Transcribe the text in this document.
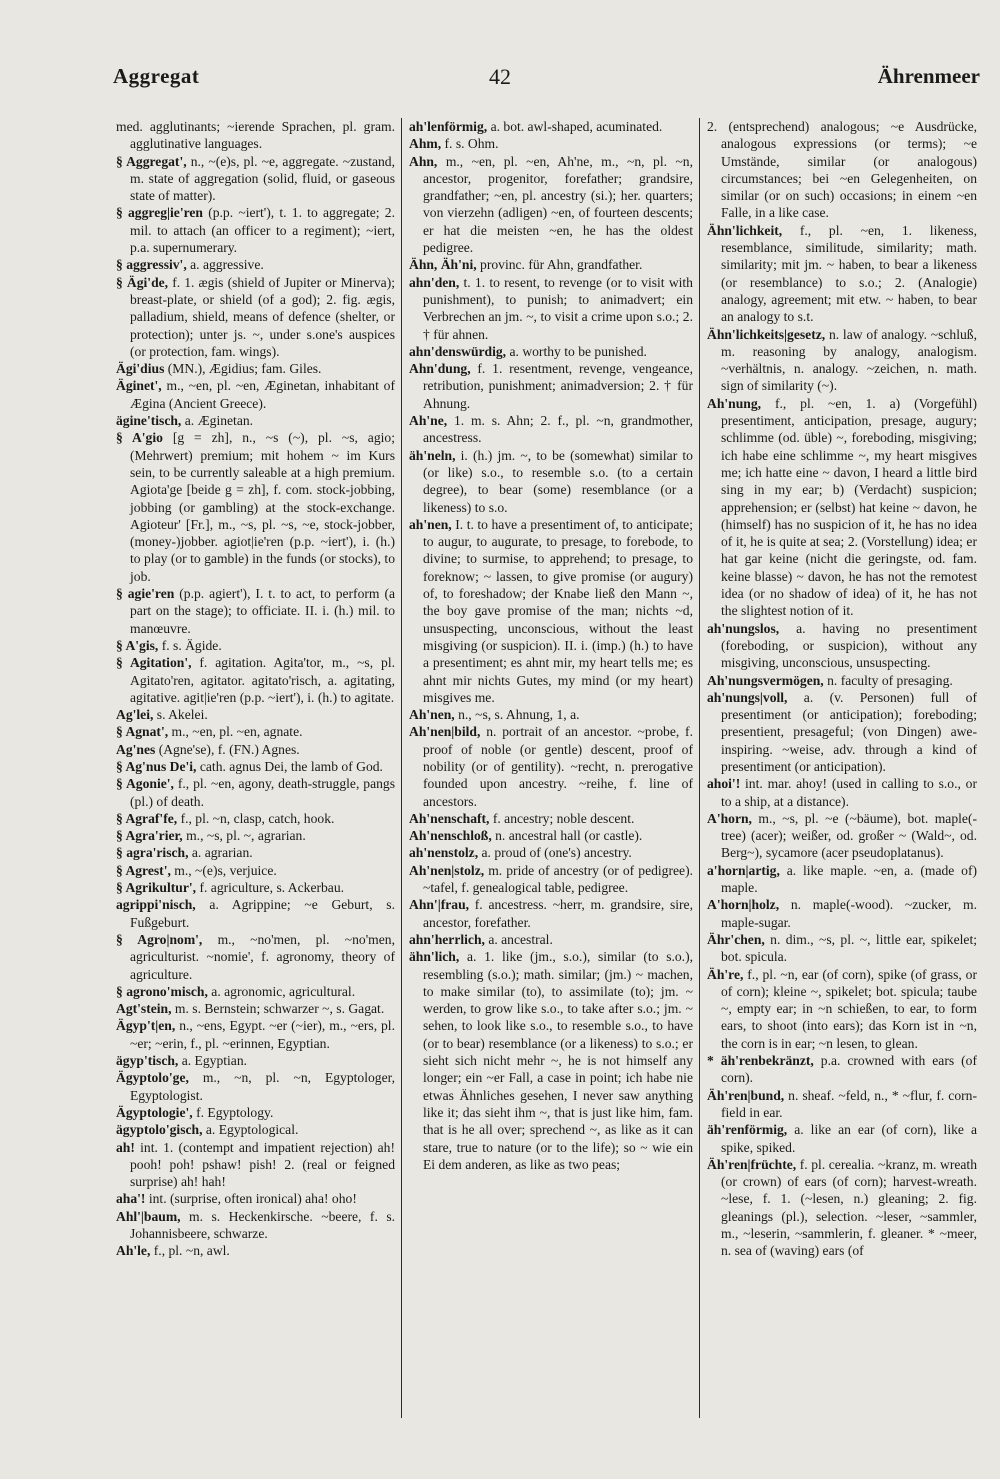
42
Aggregat	Ährenmeer

med. agglutinants; ~ierende Sprachen, pl. gram. agglutinative languages.

§ Aggregat', n., ~(e)s, pl. ~e, aggregate. ~zustand, m. state of aggregation (solid, fluid, or gaseous state of matter).

§ aggreg|ie'ren (p.p. ~iert'), t. 1. to aggregate; 2. mil. to attach (an officer to a regiment); ~iert, p.a. supernumerary.

§ aggressiv', a. aggressive.

§ Ägi'de, f. 1. ægis (shield of Jupiter or Minerva); breast-plate, or shield (of a god); 2. fig. ægis, palladium, shield, means of defence (shelter, or protection); unter js. ~, under s.one's auspices (or protection, fam. wings).

Ägi'dius (MN.), Ægidius; fam. Giles.

Äginet', m., ~en, pl. ~en, Æginetan, inhabitant of Ægina (Ancient Greece).

ägine'tisch, a. Æginetan.

§ A'gio [g = zh], n., ~s (~), pl. ~s, agio; (Mehrwert) premium; mit hohem ~ im Kurs sein, to be currently saleable at a high premium. Agiota'ge [beide g = zh], f. com. stock-jobbing, jobbing (or gambling) at the stock-exchange. Agioteur' [Fr.], m., ~s, pl. ~s, ~e, stock-jobber, (money-)jobber. agiot|ie'ren (p.p. ~iert'), i. (h.) to play (or to gamble) in the funds (or stocks), to job.

§ agie'ren (p.p. agiert'), I. t. to act, to perform (a part on the stage); to officiate. II. i. (h.) mil. to manœuvre.

§ A'gis, f. s. Ägide.

§ Agitation', f. agitation. Agita'tor, m., ~s, pl. Agitato'ren, agitator. agitato'risch, a. agitating, agitative. agit|ie'ren (p.p. ~iert'), i. (h.) to agitate.

Ag'lei, s. Akelei.

§ Agnat', m., ~en, pl. ~en, agnate.

Ag'nes (Agne'se), f. (FN.) Agnes.

§ Ag'nus De'i, cath. agnus Dei, the lamb of God.

§ Agonie', f., pl. ~en, agony, death-struggle, pangs (pl.) of death.

§ Agraf'fe, f., pl. ~n, clasp, catch, hook.

§ Agra'rier, m., ~s, pl. ~, agrarian.

§ agra'risch, a. agrarian.

§ Agrest', m., ~(e)s, verjuice.

§ Agrikultur', f. agriculture, s. Ackerbau.

agrippi'nisch, a. Agrippine; ~e Geburt, s. Fußgeburt.

§ Agro|nom', m., ~no'men, pl. ~no'men, agriculturist. ~nomie', f. agronomy, theory of agriculture.

§ agrono'misch, a. agronomic, agricultural.

Agt'stein, m. s. Bernstein; schwarzer ~, s. Gagat.

Ägyp't|en, n., ~ens, Egypt. ~er (~ier), m., ~ers, pl. ~er; ~erin, f., pl. ~erinnen, Egyptian.

ägyp'tisch, a. Egyptian.

Ägyptolo'ge, m., ~n, pl. ~n, Egyptologer, Egyptologist.

Ägyptologie', f. Egyptology.

ägyptolo'gisch, a. Egyptological.

ah! int. 1. (contempt and impatient rejection) ah! pooh! poh! pshaw! pish! 2. (real or feigned surprise) ah! hah!

aha'! int. (surprise, often ironical) aha! oho!

Ahl'|baum, m. s. Heckenkirsche. ~beere, f. s. Johannisbeere, schwarze.

Ah'le, f., pl. ~n, awl.

ah'lenförmig, a. bot. awl-shaped, acuminated.

Ahm, f. s. Ohm.

Ahn, m., ~en, pl. ~en, Ah'ne, m., ~n, pl. ~n, ancestor, progenitor, forefather; grandsire, grandfather; ~en, pl. ancestry (si.); her. quarters; von vierzehn (adligen) ~en, of fourteen descents; er hat die meisten ~en, he has the oldest pedigree.

Ähn, Äh'ni, provinc. für Ahn, grandfather.

ahn'den, t. 1. to resent, to revenge (or to visit with punishment), to punish; to animadvert; ein Verbrechen an jm. ~, to visit a crime upon s.o.; 2. † für ahnen.

ahn'denswürdig, a. worthy to be punished.

Ahn'dung, f. 1. resentment, revenge, vengeance, retribution, punishment; animadversion; 2. † für Ahnung.

Ah'ne, 1. m. s. Ahn; 2. f., pl. ~n, grandmother, ancestress.

äh'neln, i. (h.) jm. ~, to be (somewhat) similar to (or like) s.o., to resemble s.o. (to a certain degree), to bear (some) resemblance (or a likeness) to s.o.

ah'nen, I. t. to have a presentiment of, to anticipate; to augur, to augurate, to presage, to forebode, to divine; to surmise, to apprehend; to presage, to foreknow; ~ lassen, to give promise (or augury) of, to foreshadow; der Knabe ließ den Mann ~, the boy gave promise of the man; nichts ~d, unsuspecting, unconscious, without the least misgiving (or suspicion). II. i. (imp.) (h.) to have a presentiment; es ahnt mir, my heart tells me; es ahnt mir nichts Gutes, my mind (or my heart) misgives me.

Ah'nen, n., ~s, s. Ahnung, 1, a.

Ah'nen|bild, n. portrait of an ancestor. ~probe, f. proof of noble (or gentle) descent, proof of nobility (or of gentility). ~recht, n. prerogative founded upon ancestry. ~reihe, f. line of ancestors.

Ah'nenschaft, f. ancestry; noble descent.

Ah'nenschloß, n. ancestral hall (or castle).

ah'nenstolz, a. proud of (one's) ancestry.

Ah'nen|stolz, m. pride of ancestry (or of pedigree). ~tafel, f. genealogical table, pedigree.

Ahn'|frau, f. ancestress. ~herr, m. grandsire, sire, ancestor, forefather.

ahn'herrlich, a. ancestral.

ähn'lich, a. 1. like (jm., s.o.), similar (to s.o.), resembling (s.o.); math. similar; (jm.) ~ machen, to make similar (to), to assimilate (to); jm. ~ werden, to grow like s.o., to take after s.o.; jm. ~ sehen, to look like s.o., to resemble s.o., to have (or to bear) resemblance (or a likeness) to s.o.; er sieht sich nicht mehr ~, he is not himself any longer; ein ~er Fall, a case in point; ich habe nie etwas Ähnliches gesehen, I never saw anything like it; das sieht ihm ~, that is just like him, fam. that is he all over; sprechend ~, as like as it can stare, true to nature (or to the life); so ~ wie ein Ei dem anderen, as like as two peas;

2. (entsprechend) analogous; ~e Ausdrücke, analogous expressions (or terms); ~e Umstände, similar (or analogous) circumstances; bei ~en Gelegenheiten, on similar (or on such) occasions; in einem ~en Falle, in a like case.

Ähn'lichkeit, f., pl. ~en, 1. likeness, resemblance, similitude, similarity; math. similarity; mit jm. ~ haben, to bear a likeness (or resemblance) to s.o.; 2. (Analogie) analogy, agreement; mit etw. ~ haben, to bear an analogy to s.t.

Ähn'lichkeits|gesetz, n. law of analogy. ~schluß, m. reasoning by analogy, analogism. ~verhältnis, n. analogy. ~zeichen, n. math. sign of similarity (~).

Ah'nung, f., pl. ~en, 1. a) (Vorgefühl) presentiment, anticipation, presage, augury; schlimme (od. üble) ~, foreboding, misgiving; ich habe eine schlimme ~, my heart misgives me; ich hatte eine ~ davon, I heard a little bird sing in my ear; b) (Verdacht) suspicion; apprehension; er (selbst) hat keine ~ davon, he (himself) has no suspicion of it, he has no idea of it, he is quite at sea; 2. (Vorstellung) idea; er hat gar keine (nicht die geringste, od. fam. keine blasse) ~ davon, he has not the remotest idea (or no shadow of idea) of it, he has not the slightest notion of it.

ah'nungslos, a. having no presentiment (foreboding, or suspicion), without any misgiving, unconscious, unsuspecting.

Ah'nungsvermögen, n. faculty of presaging.

ah'nungs|voll, a. (v. Personen) full of presentiment (or anticipation); foreboding; presentient, presageful; (von Dingen) awe-inspiring. ~weise, adv. through a kind of presentiment (or anticipation).

ahoi'! int. mar. ahoy! (used in calling to s.o., or to a ship, at a distance).

A'horn, m., ~s, pl. ~e (~bäume), bot. maple(-tree) (acer); weißer, od. großer ~ (Wald~, od. Berg~), sycamore (acer pseudoplatanus).

a'horn|artig, a. like maple. ~en, a. (made of) maple.

A'horn|holz, n. maple(-wood). ~zucker, m. maple-sugar.

Ähr'chen, n. dim., ~s, pl. ~, little ear, spikelet; bot. spicula.

Äh're, f., pl. ~n, ear (of corn), spike (of grass, or of corn); kleine ~, spikelet; bot. spicula; taube ~, empty ear; in ~n schießen, to ear, to form ears, to shoot (into ears); das Korn ist in ~n, the corn is in ear; ~n lesen, to glean.

* äh'renbekränzt, p.a. crowned with ears (of corn).

Äh'ren|bund, n. sheaf. ~feld, n., * ~flur, f. corn-field in ear.

äh'renförmig, a. like an ear (of corn), like a spike, spiked.

Äh'ren|früchte, f. pl. cerealia. ~kranz, m. wreath (or crown) of ears (of corn); harvest-wreath. ~lese, f. 1. (~lesen, n.) gleaning; 2. fig. gleanings (pl.), selection. ~leser, ~sammler, m., ~leserin, ~sammlerin, f. gleaner. * ~meer, n. sea of (waving) ears (of
